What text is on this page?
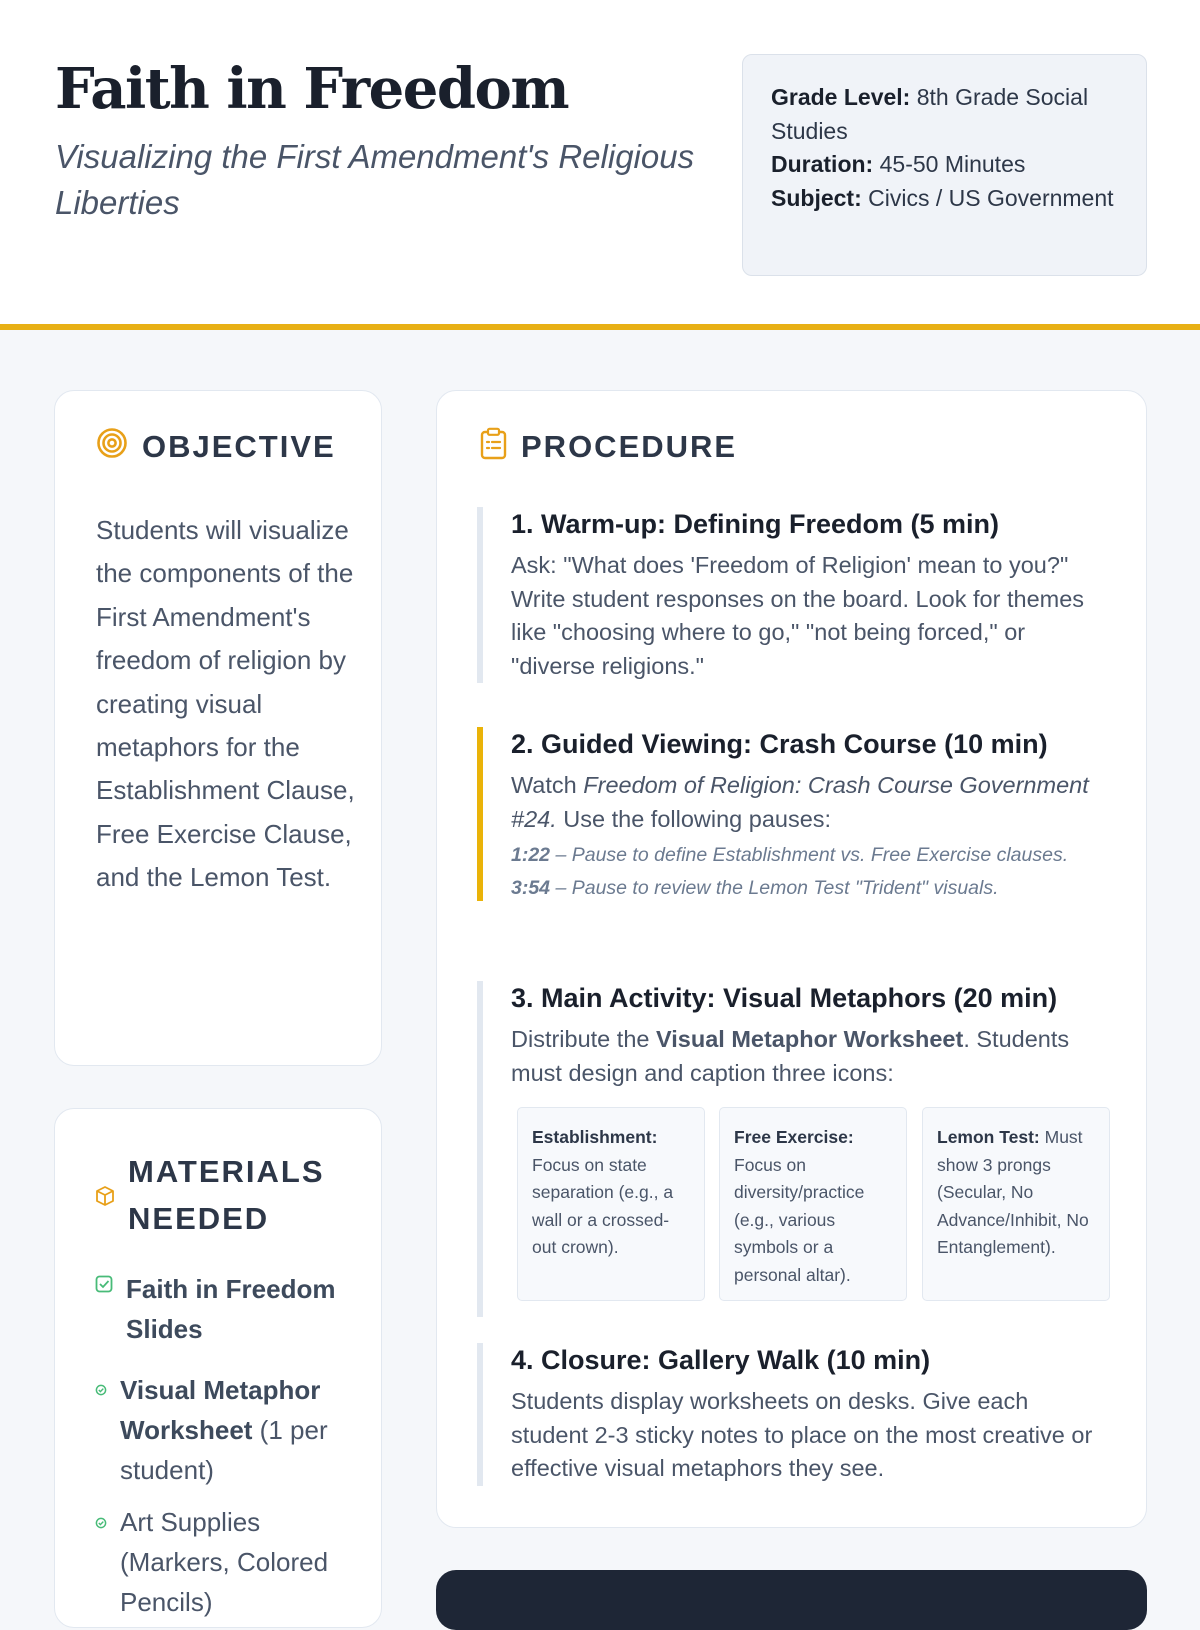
Faith in Freedom
Visualizing the First Amendment's Religious Liberties
Grade Level: 8th Grade Social Studies
Duration: 45-50 Minutes
Subject: Civics / US Government
OBJECTIVE
Students will visualize the components of the First Amendment's freedom of religion by creating visual metaphors for the Establishment Clause, Free Exercise Clause, and the Lemon Test.
MATERIALS
NEEDED
Faith in Freedom Slides
Visual Metaphor Worksheet (1 per student)
Art Supplies (Markers, Colored Pencils)
PROCEDURE
1. Warm-up: Defining Freedom (5 min)

Ask: "What does 'Freedom of Religion' mean to you?" Write student responses on the board. Look for themes like "choosing where to go," "not being forced," or "diverse religions."

2. Guided Viewing: Crash Course (10 min)

Watch Freedom of Religion: Crash Course Government #24. Use the following pauses:

1:22 – Pause to define Establishment vs. Free Exercise clauses.
3:54 – Pause to review the Lemon Test "Trident" visuals.
3. Main Activity: Visual Metaphors (20 min)

Distribute the Visual Metaphor Worksheet. Students must design and caption three icons:

Establishment: Focus on state separation (e.g., a wall or a crossed-out crown).
Free Exercise: Focus on diversity/practice (e.g., various symbols or a personal altar).
Lemon Test: Must show 3 prongs (Secular, No Advance/Inhibit, No Entanglement).
4. Closure: Gallery Walk (10 min)

Students display worksheets on desks. Give each student 2-3 sticky notes to place on the most creative or effective visual metaphors they see.
